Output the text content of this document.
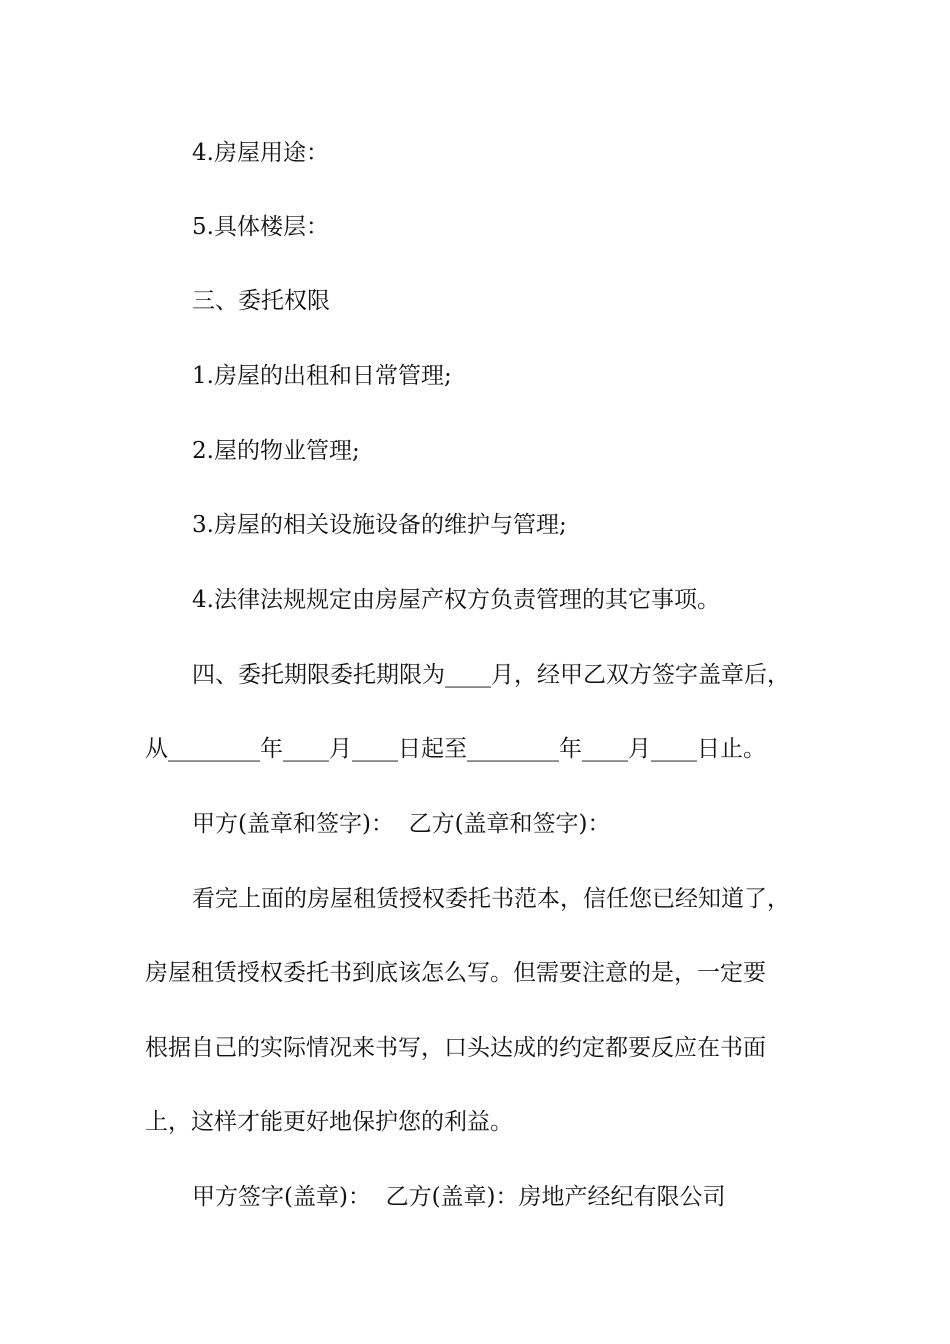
4.房屋用途：
5.具体楼层：
三、委托权限
1.房屋的出租和日常管理;
2.屋的物业管理;
3.房屋的相关设施设备的维护与管理;
4.法律法规规定由房屋产权方负责管理的其它事项。
四、委托期限委托期限为____月，经甲乙双方签字盖章后，
从________年____月____日起至________年____月____日止。
甲方(盖章和签字)：  乙方(盖章和签字)：
看完上面的房屋租赁授权委托书范本，信任您已经知道了，
房屋租赁授权委托书到底该怎么写。但需要注意的是，一定要
根据自己的实际情况来书写，口头达成的约定都要反应在书面
上，这样才能更好地保护您的利益。
甲方签字(盖章)：  乙方(盖章)：房地产经纪有限公司
